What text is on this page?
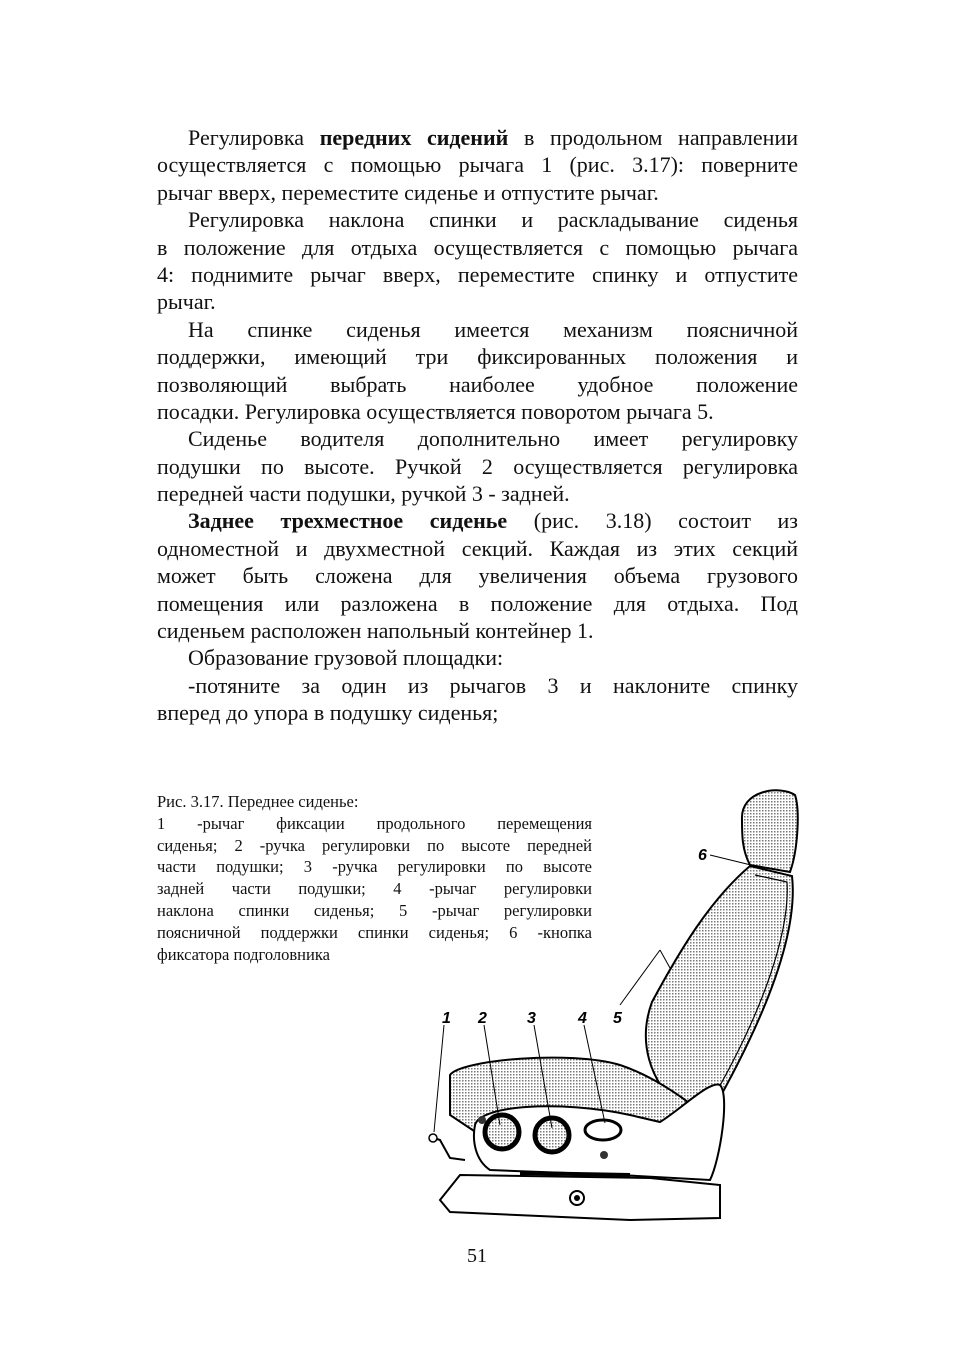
Регулировка передних сидений в продольном направлении
осуществляется с помощью рычага 1 (рис. 3.17): поверните
рычаг вверх, переместите сиденье и отпустите рычаг.
Регулировка наклона спинки и раскладывание сиденья
в положение для отдыха осуществляется с помощью рычага
4: поднимите рычаг вверх, переместите спинку и отпустите
рычаг.
На спинке сиденья имеется механизм поясничной
поддержки, имеющий три фиксированных положения и
позволяющий выбрать наиболее удобное положение
посадки. Регулировка осуществляется поворотом рычага 5.
Сиденье водителя дополнительно имеет регулировку
подушки по высоте. Ручкой 2 осуществляется регулировка
передней части подушки, ручкой 3 - задней.
Заднее трехместное сиденье (рис. 3.18) состоит из
одноместной и двухместной секций. Каждая из этих секций
может быть сложена для увеличения объема грузового
помещения или разложена в положение для отдыха. Под
сиденьем расположен напольный контейнер 1.
Образование грузовой площадки:
-потяните за один из рычагов 3 и наклоните спинку
вперед до упора в подушку сиденья;
Рис. 3.17. Переднее сиденье:
1 -рычаг фиксации продольного перемещения
сиденья; 2 -ручка регулировки по высоте передней
части подушки; 3 -ручка регулировки по высоте
задней части подушки; 4 -рычаг регулировки
наклона спинки сиденья; 5 -рычаг регулировки
поясничной поддержки спинки сиденья; 6 -кнопка
фиксатора подголовника
1 2	3	4 5
6
51
